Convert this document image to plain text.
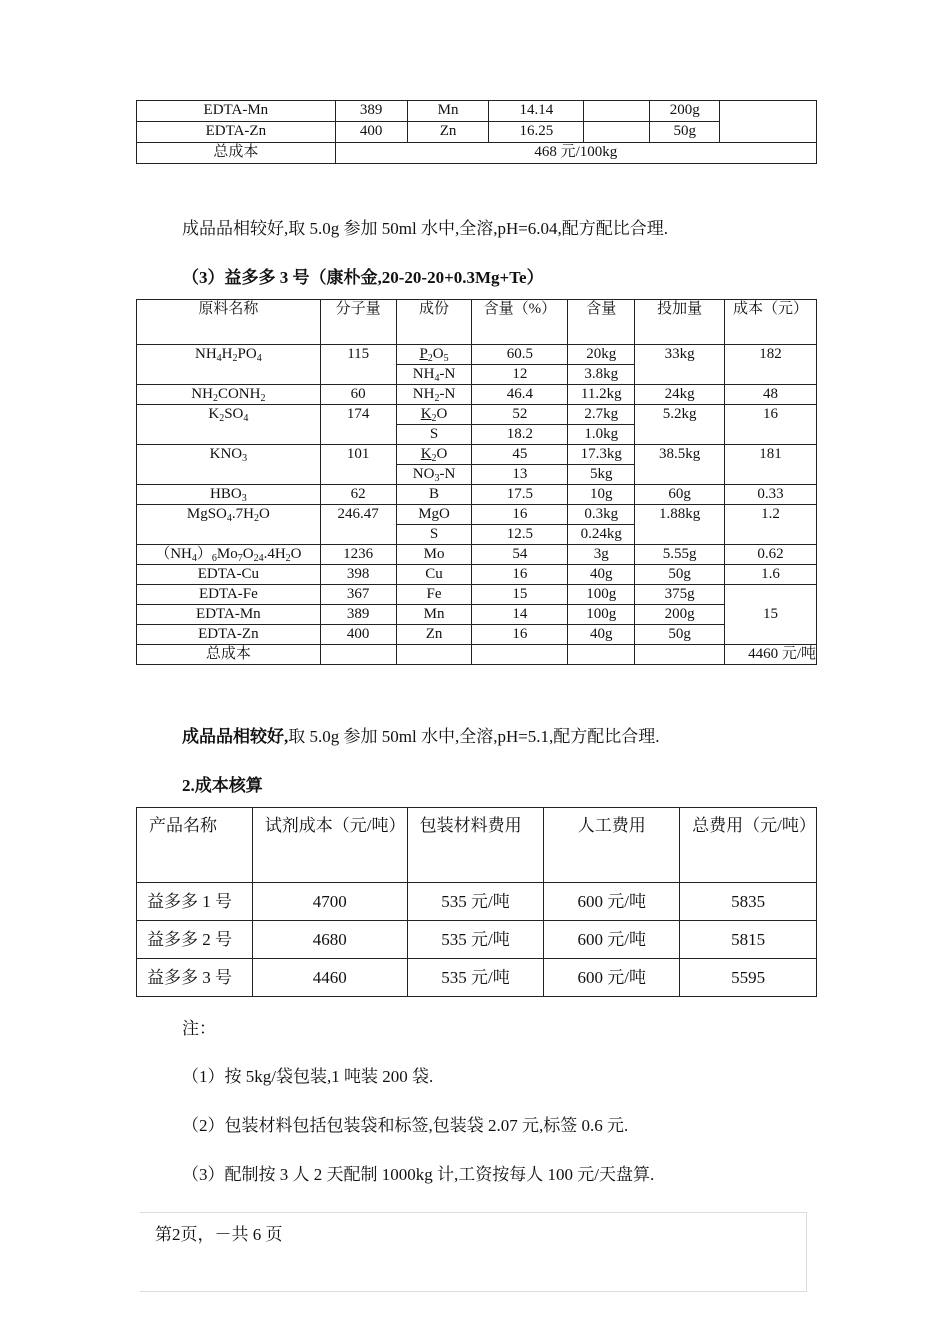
EDTA-Mn	389	Mn	14.14		200g	
EDTA-Zn	400	Zn	16.25		50g	
总成本	468 元/100kg					
成品品相较好,取 5.0g 参加 50ml 水中,全溶,pH=6.04,配方配比合理.
（3）益多多 3 号（康朴金,20-20-20+0.3Mg+Te）
原料名称	分子量	成份	含量（%）	含量	投加量	成本（元）
$NH_4H_2PO_4$	115	$P_2O_5$	60.5	20kg	33kg	182
		$NH_4-N$	12	3.8kg		
$NH_2CONH_2$	60	$NH_2-N$	46.4	11.2kg	24kg	48
$K_2SO_4$	174	$K_2O$	52	2.7kg	5.2kg	16
		S	18.2	1.0kg		
$KNO_3$	101	$K_2O$	45	17.3kg	38.5kg	181
		$NO_3-N$	13	5kg		
$HBO_3$	62	B	17.5	10g	60g	0.33
$MgSO_4.7H_2O$	246.47	MgO	16	0.3kg	1.88kg	1.2
		S	12.5	0.24kg		
$(NH_4)_6Mo_7O_{24}.4H_2O$	1236	Mo	54	3g	5.55g	0.62
EDTA-Cu	398	Cu	16	40g	50g	1.6
EDTA-Fe	367	Fe	15	100g	375g	15
EDTA-Mn	389	Mn	14	100g	200g	
EDTA-Zn	400	Zn	16	40g	50g	
总成本						4460 元/吨
成品品相较好,取 5.0g 参加 50ml 水中,全溶,pH=5.1,配方配比合理.
2.成本核算
产品名称	试剂成本（元/吨）	包装材料费用	人工费用	总费用（元/吨）
益多多 1 号	4700	535 元/吨	600 元/吨	5835
益多多 2 号	4680	535 元/吨	600 元/吨	5815
益多多 3 号	4460	535 元/吨	600 元/吨	5595
注：
（1）按 5kg/袋包装,1 吨装 200 袋.
（2）包装材料包括包装袋和标签,包装袋 2.07 元,标签 0.6 元.
（3）配制按 3 人 2 天配制 1000kg 计,工资按每人 100 元/天盘算.
第2页，－共 6 页
